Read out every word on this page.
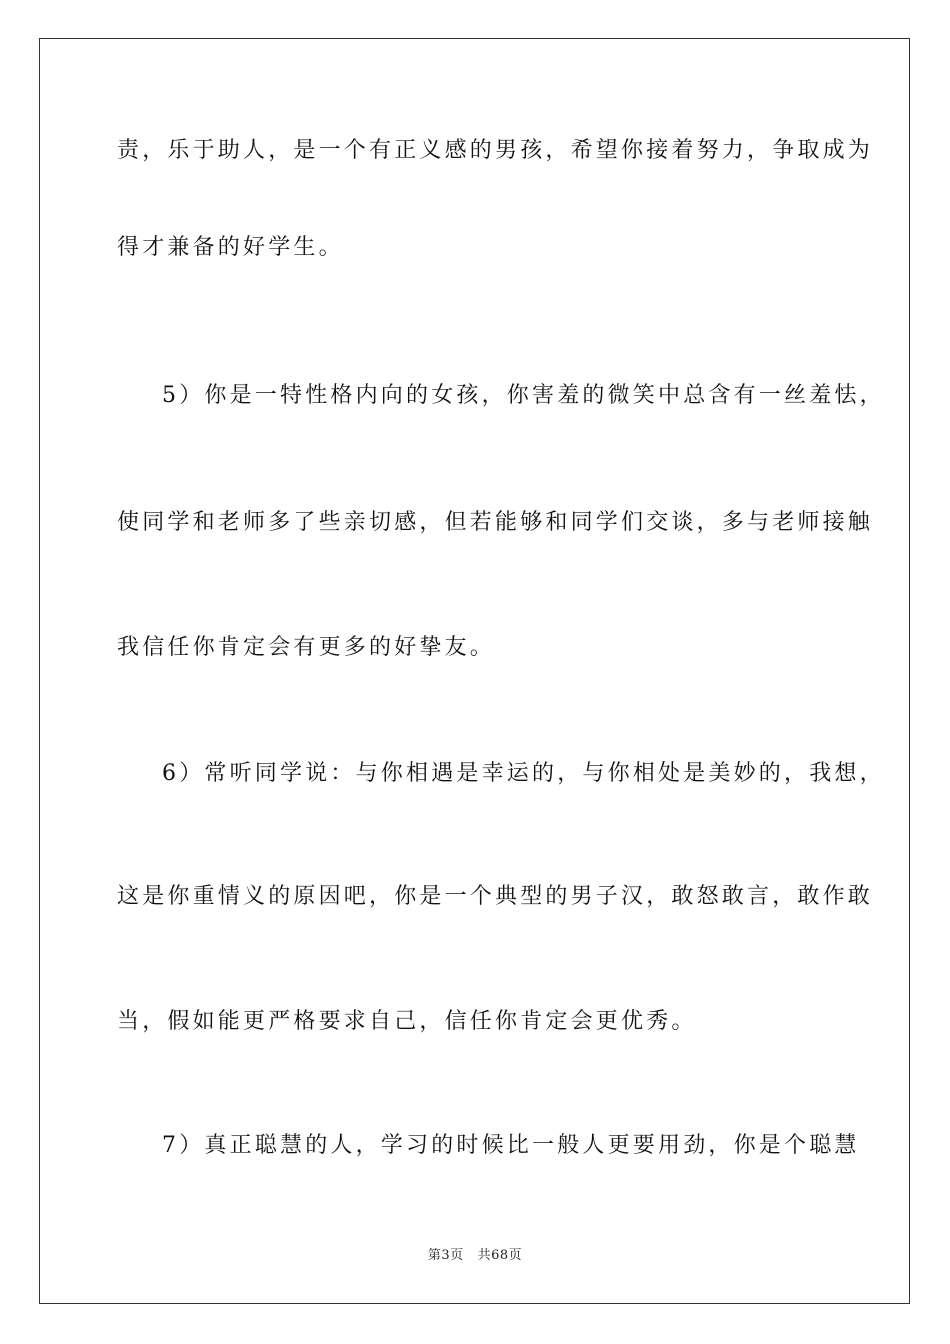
责，乐于助人，是一个有正义感的男孩，希望你接着努力，争取成为
得才兼备的好学生。
5）你是一特性格内向的女孩，你害羞的微笑中总含有一丝羞怯，
使同学和老师多了些亲切感，但若能够和同学们交谈，多与老师接触
我信任你肯定会有更多的好挚友。
6）常听同学说：与你相遇是幸运的，与你相处是美妙的，我想，
这是你重情义的原因吧，你是一个典型的男子汉，敢怒敢言，敢作敢
当，假如能更严格要求自己，信任你肯定会更优秀。
7）真正聪慧的人，学习的时候比一般人更要用劲，你是个聪慧
第3页 共68页
